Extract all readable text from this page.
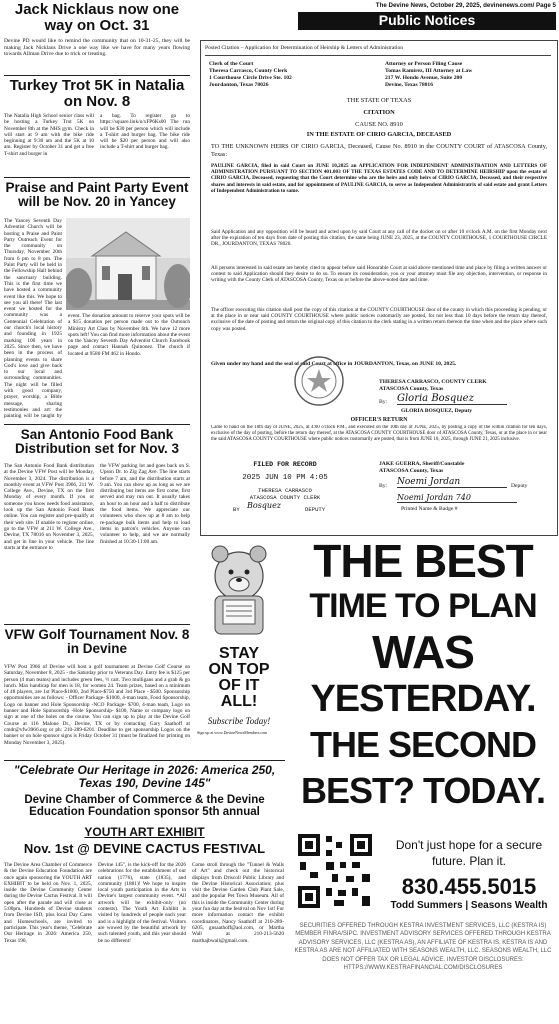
The Devine News, October 29, 2025, devinenews.com/ Page 5
Jack Nicklaus now one way on Oct. 31
Devine PD would like to remind the community that on 10-31-25, they will be making Jack Nicklaus Drive a one way like we have for many years flowing towards Allman Drive due to trick or treating.
Turkey Trot 5K in Natalia on Nov. 8
The Natalia High School senior class will be hosting a Turkey Trot 5K on November 8th at the NHS gym. Check in will start at 9 am with the bike ride beginning at 9:30 am and the 5K at 10 am. Register by October 31 and get a free T-shirt and burger in
a bag. To register go to https://square.link/u/xFP6Ks00 The run will be $30 per person which will include a T-shirt and burger bag. The bike ride will be $20 per person and will also include a T-shirt and burger bag.
Praise and Paint Party Event will be Nov. 20 in Yancey
The Yancey Seventh Day Adventist Church will be hosting a Praise and Paint Party Outreach Event for the community on Thursday, November 20th from 6 pm to 8 pm. The Paint Party will be held in the Fellowship Hall behind the sanctuary building. This is the first time we have hosted a community event like this. We hope to see you all there! The last event we hosted for the community was a Centennial Celebration of our church's local history and founding in 1925 marking 100 years in 2025. Since then, we have been in the process of planning events to share God's love and give back to our local and surrounding communities. The night will be filled with good company, prayer, worship, a Bible message, sharing testimonies and art: the painting will be taught by
event. The donation amount to reserve your spots will be a $15 donation per person made out to the Outreach Ministry Art Class by November 6th. We have 12 more spots left! You can find more information about the event on the Yancey Seventh Day Adventist Church Facebook page and contact Hannah Quinonez. The church if located at 9580 FM 462 in Hondo.
San Antonio Food Bank Distribution set for Nov. 3
The San Antonio Food Bank distribution at the Devine VFW Post will be Monday, November 3, 2024. The distribution is a monthly event at VFW Post 3966, 211 W. College Ave., Devine, TX on the first Monday of every month. If you or someone you know needs food assistance, look up the San Antonio Food Bank online. You can register and pre-qualify at their web site. If unable to register online, go to the VFW at 211 W. College Ave., Devine, TX 78016 on November 3, 2025, and get in line in your vehicle. The line starts at the entrance to
the VFW parking lot and goes back on S. Upson Dr. to Zig Zag Ave. The line starts before 7 am, and the distribution starts at 9 am. You can show up as long as we are distributing but items are first come, first served and may run out. It usually takes an hour to an hour and a half to distribute the food items. We appreciate our volunteers who show up at 8 am to help re-package bulk items and help to load items in patron's vehicles. Anyone can volunteer to help, and we are normally finished at 10:30-11:00 am.
VFW Golf Tournament Nov. 8 in Devine
VFW Post 3966 of Devine will host a golf tournament at Devine Golf Course on Saturday, November 8, 2025 - the Saturday prior to Veterans Day. Entry fee is $125 per person (4 man teams) and includes green fees, ½ cart. Two mulligans and a grab & go lunch. Max handicap for men is 18, for women 24. Team prizes, based on a minimum of 48 players, are 1st Place-$1000, 2nd Place-$750 and 3rd Place - $500. Sponsorship opportunities are as follows: - Officer Package- $1000, 4-man team, Food Sponsorship, Logo on banner and Hole Sponsorship -NCO Package- $700, 4-man team, Logo on banner and Hole Sponsorship -Hole Sponsorship- $100, Name or company logo on sign at one of the holes on the course. You can sign up to play at the Devine Golf Course at 116 Malone Dr., Devine, TX or by contacting Gary Saathoff at cmdr@vfw3966.org or ph: 210-289-6201. Deadline to get sponsorship Logos on the banner or on hole sponsor signs is Friday October 31 (must be finalized for printing on Monday November 3, 2025).
STAY
ON TOP
OF IT
ALL!
Subscribe Today!
Sign up at www.DevineNewsMembers.com
"Celebrate Our Heritage in 2026: America 250, Texas 190, Devine 145"
Devine Chamber of Commerce & the Devine Education Foundation sponsor 5th annual
YOUTH ART EXHIBIT
Nov. 1st @ DEVINE CACTUS FESTIVAL
The Devine Area Chamber of Commerce & the Devine Education Foundation are once again sponsoring the YOUTH ART EXHIBIT to be held on Nov. 1, 2025, inside the Devine Community Center during the Devine Cactus Festival. It will open after the parade and will close at 5:00pm. Hundreds of Devine students from Devine ISD, plus local Day Cares and Homeschools, are invited to participate. This year's theme, "Celebrate Our Heritage in 2026: America 250, Texas 190,
Devine 145", is the kick-off for the 2026 celebrations for the establishment of our nation (1776), state (1835), and community (1881)! We hope to inspire local youth participation in the Arts in Devine's largest community event. *All artwork will be exhibit-only (no contests). The Youth Art Exhibit is visited by hundreds of people each year and is a highlight of the festival. Visitors are wowed by the beautiful artwork by such talented youth, and this year should be no different!
Come stroll through the "Tunnel & Walls of Art" and check out the historical displays from Driscoll Public Library and the Devine Historical Association; plus visit the Devine Garden Club Plant Sale, and the popular Pet Town Museum. All of this is inside the Community Center during your fun day at the festival on Nov 1st! For more information contact the exhibit coordinators, Nancy Saathoff at 210-289-6205, gnsaathoff@aol.com, or Martha Wall at 210-213-5620 marthajbwall@gmail.com.
Public Notices
Posted Citation – Application for Determination of Heirship & Letters of Administration
Clerk of the Court
Theresa Carrasco, County Clerk
1 Courthouse Circle Drive Ste. 102
Jourdanton, Texas 78026
Attorney or Person Filing Cause
Tomas Ramirez, III Attorney at Law
217 W. Hondo Avenue, Suite 200
Devine, Texas 78016
THE STATE OF TEXAS
CITATION
CAUSE NO. 8910
IN THE ESTATE OF CIRIO GARCIA, DECEASED
TO THE UNKNOWN HEIRS OF CIRIO GARCIA, Deceased, Cause No. 8910 in the COUNTY COURT of ATASCOSA County, Texas:
PAULINE GARCIA, filed in said Court on JUNE 10,2025 an APPLICATION FOR INDEPENDENT ADMINISTRATION AND LETTERS OF ADMINISTRATION PURSUANT TO SECTION 401.003 OF THE TEXAS ESTATES CODE AND TO DETERMINE HEIRSHIP upon the estate of CIRIO GARCIA, Deceased, requesting that the Court determine who are the heirs and only heirs of CIRIO GARCIA, Deceased, and their respective shares and interests in said estate, and for appointment of PAULINE GARCIA, to serve as Independent Administratrix of said estate and grant Letters of Independent Administration to same.
Said Application and any opposition will be heard and acted upon by said Court at any call of the docket on or after 10 o'clock A.M. on the first Monday next after the expiration of ten days from date of posting this citation, the same being JUNE 23, 2025, at the COUNTY COURTHOUSE, 1 COURTHOUSE CIRCLE DR., JOURDANTON, TEXAS 78026.
All persons interested in said estate are hereby cited to appear before said Honorable Court at said above mentioned time and place by filing a written answer or contest to said Application should they desire to do so. To ensure its consideration, you or your attorney must file any objection, intervention, or response in writing with the County Clerk of ATASCOSA County, Texas on or before the above-noted date and time.
The officer executing this citation shall post the copy of this citation at the COUNTY COURTHOUSE door of the county in which this proceeding is pending, or at the place in or near said COUNTY COURTHOUSE where public notices customarily are posted, for not less than 10 days before the return day thereof, exclusive of the date of posting and return the original copy of this citation to the clerk stating in a written return thereon the time when and the place where such copy was posted.
Given under my hand and the seal of said Court at office in JOURDANTON, Texas, on JUNE 10, 2025.
THERESA CARRASCO, COUNTY CLERK
ATASCOSA County, Texas
By: Gloria Bosquez
GLORIA BOSQUEZ, Deputy
OFFICER'S RETURN
Came to hand on the 10th day of JUNE, 2025, at 4:00 o'clock P.M., and executed on the 10th day of JUNE, 2025, by posting a copy of the within citation for ten days, exclusive of the day of posting, before the return day thereof, at the ATASCOSA COUNTY COURTHOUSE door of ATASCOSA County, Texas, or at the place in or near the said ATASCOSA COUNTY COURTHOUSE where public notices customarily are posted, that is from JUNE 10, 2025, through JUNE 21, 2025 inclusive.
FILED FOR RECORD
2025 JUN 10 PM 4:05
THERESA CARRASCO
ATASCOSA COUNTY CLERK
BY Bosquez	DEPUTY
JAKE GUERRA, Sheriff/Constable
ATASCOSA County, Texas
By: Noemi Jordan	Deputy
Noemi Jordan 740
Printed Name & Badge #
THE BEST
TIME TO PLAN
WAS
YESTERDAY.
THE SECOND
BEST? TODAY.
Don't just hope for a secure
future. Plan it.
830.455.5015
Todd Summers | Seasons Wealth
SECURITIES OFFERED THROUGH KESTRA INVESTMENT SERVICES, LLC (KESTRA IS) MEMBER FINRA/SIPC. INVESTMENT ADVISORY SERVICES OFFERED THROUGH KESTRA ADVISORY SERVICES, LLC (KESTRA AS), AN AFFILIATE OF KESTRA IS. KESTRA IS AND KESTRA AS ARE NOT AFFILIATED WITH SEASONS WEALTH, LLC. SEASONS WEALTH, LLC DOES NOT OFFER TAX OR LEGAL ADVICE. INVESTOR DISCLOSURES: HTTPS://WWW.KESTRAFINANCIAL.COM/DISCLOSURES
